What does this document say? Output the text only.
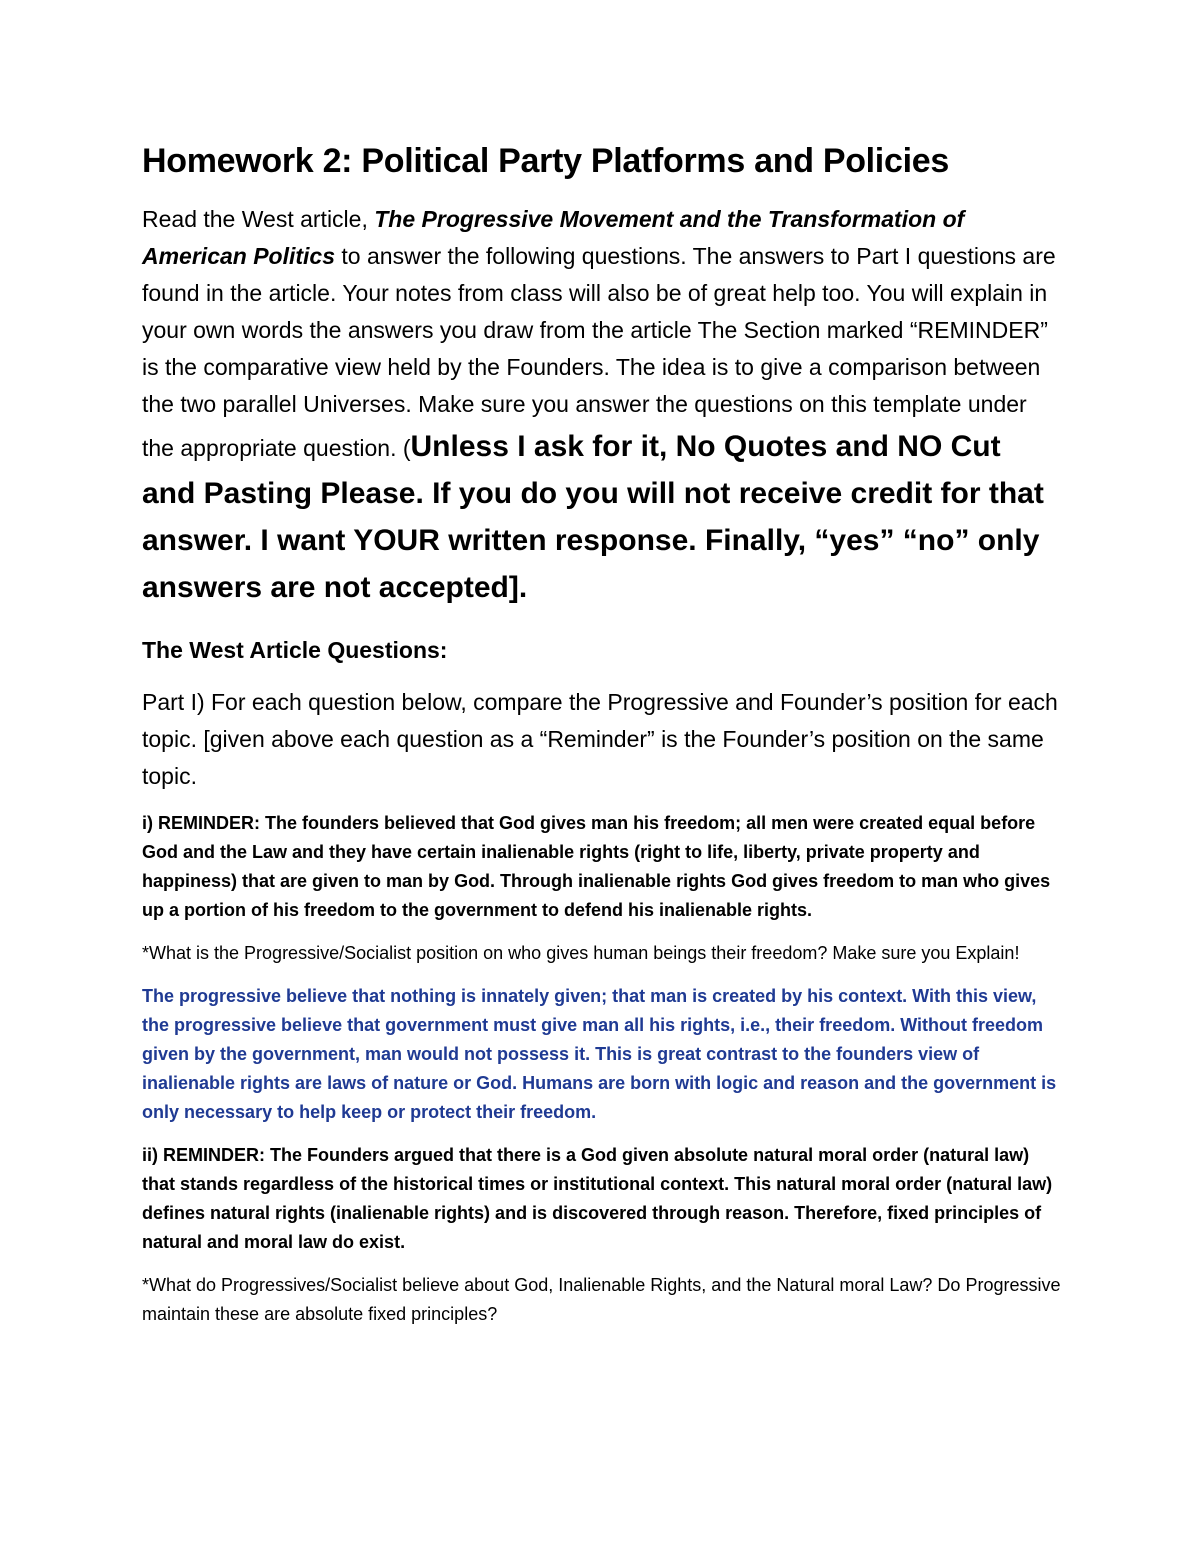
Homework 2: Political Party Platforms and Policies

Read the West article, The Progressive Movement and the Transformation of American Politics to answer the following questions. The answers to Part I questions are found in the article. Your notes from class will also be of great help too. You will explain in your own words the answers you draw from the article The Section marked “REMINDER” is the comparative view held by the Founders. The idea is to give a comparison between the two parallel Universes. Make sure you answer the questions on this template under the appropriate question. (Unless I ask for it, No Quotes and NO Cut and Pasting Please. If you do you will not receive credit for that answer. I want YOUR written response. Finally, “yes” “no” only answers are not accepted].

The West Article Questions:

Part I) For each question below, compare the Progressive and Founder’s position for each topic. [given above each question as a “Reminder” is the Founder’s position on the same topic.

i) REMINDER: The founders believed that God gives man his freedom; all men were created equal before God and the Law and they have certain inalienable rights (right to life, liberty, private property and happiness) that are given to man by God. Through inalienable rights God gives freedom to man who gives up a portion of his freedom to the government to defend his inalienable rights.

*What is the Progressive/Socialist position on who gives human beings their freedom? Make sure you Explain!

The progressive believe that nothing is innately given; that man is created by his context. With this view, the progressive believe that government must give man all his rights, i.e., their freedom. Without freedom given by the government, man would not possess it. This is great contrast to the founders view of inalienable rights are laws of nature or God. Humans are born with logic and reason and the government is only necessary to help keep or protect their freedom.

ii) REMINDER: The Founders argued that there is a God given absolute natural moral order (natural law) that stands regardless of the historical times or institutional context. This natural moral order (natural law) defines natural rights (inalienable rights) and is discovered through reason. Therefore, fixed principles of natural and moral law do exist.

*What do Progressives/Socialist believe about God, Inalienable Rights, and the Natural moral Law? Do Progressive maintain these are absolute fixed principles?
